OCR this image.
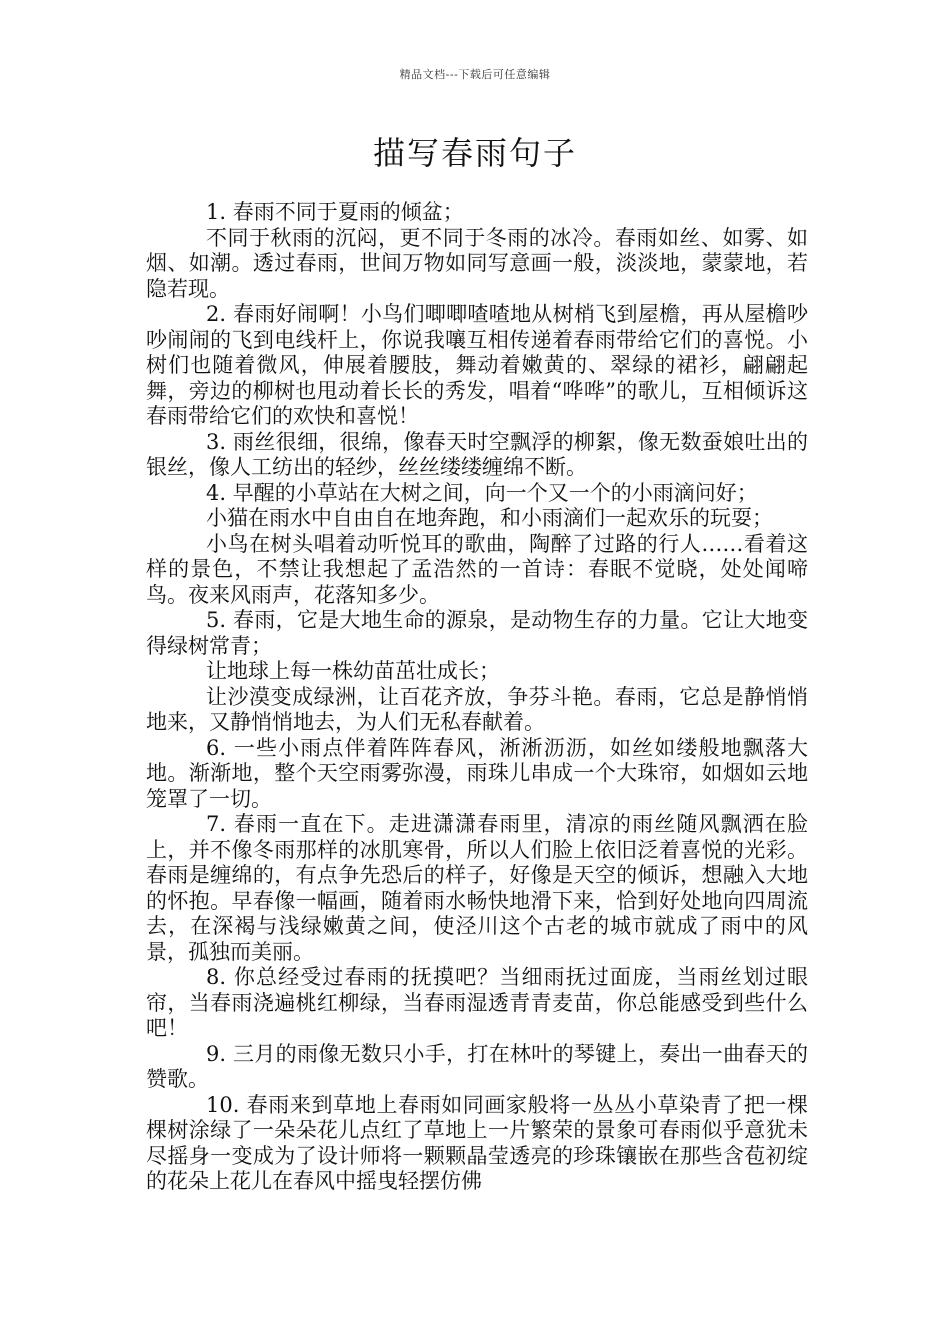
精品文档---下载后可任意编辑
描写春雨句子

1. 春雨不同于夏雨的倾盆；

不同于秋雨的沉闷，更不同于冬雨的冰冷。春雨如丝、如雾、如烟、如潮。透过春雨，世间万物如同写意画一般，淡淡地，蒙蒙地，若隐若现。

2. 春雨好闹啊！小鸟们唧唧喳喳地从树梢飞到屋檐，再从屋檐吵吵闹闹的飞到电线杆上，你说我嚷互相传递着春雨带给它们的喜悦。小树们也随着微风，伸展着腰肢，舞动着嫩黄的、翠绿的裙衫，翩翩起舞，旁边的柳树也甩动着长长的秀发，唱着“哗哗”的歌儿，互相倾诉这春雨带给它们的欢快和喜悦！

3. 雨丝很细，很绵，像春天时空飘浮的柳絮，像无数蚕娘吐出的银丝，像人工纺出的轻纱，丝丝缕缕缠绵不断。

4. 早醒的小草站在大树之间，向一个又一个的小雨滴问好；

小猫在雨水中自由自在地奔跑，和小雨滴们一起欢乐的玩耍；

小鸟在树头唱着动听悦耳的歌曲，陶醉了过路的行人……看着这样的景色，不禁让我想起了孟浩然的一首诗：春眠不觉晓，处处闻啼鸟。夜来风雨声，花落知多少。

5. 春雨，它是大地生命的源泉，是动物生存的力量。它让大地变得绿树常青；

让地球上每一株幼苗茁壮成长；

让沙漠变成绿洲，让百花齐放，争芬斗艳。春雨，它总是静悄悄地来，又静悄悄地去，为人们无私春献着。

6. 一些小雨点伴着阵阵春风，淅淅沥沥，如丝如缕般地飘落大地。渐渐地，整个天空雨雾弥漫，雨珠儿串成一个大珠帘，如烟如云地笼罩了一切。

7. 春雨一直在下。走进潇潇春雨里，清凉的雨丝随风飘洒在脸上，并不像冬雨那样的冰肌寒骨，所以人们脸上依旧泛着喜悦的光彩。春雨是缠绵的，有点争先恐后的样子，好像是天空的倾诉，想融入大地的怀抱。早春像一幅画，随着雨水畅快地滑下来，恰到好处地向四周流去，在深褐与浅绿嫩黄之间，使泾川这个古老的城市就成了雨中的风景，孤独而美丽。

8. 你总经受过春雨的抚摸吧？当细雨抚过面庞，当雨丝划过眼帘，当春雨浇遍桃红柳绿，当春雨湿透青青麦苗，你总能感受到些什么吧！

9. 三月的雨像无数只小手，打在林叶的琴键上，奏出一曲春天的赞歌。

10. 春雨来到草地上春雨如同画家般将一丛丛小草染青了把一棵棵树涂绿了一朵朵花儿点红了草地上一片繁荣的景象可春雨似乎意犹未尽摇身一变成为了设计师将一颗颗晶莹透亮的珍珠镶嵌在那些含苞初绽的花朵上花儿在春风中摇曳轻摆仿佛
